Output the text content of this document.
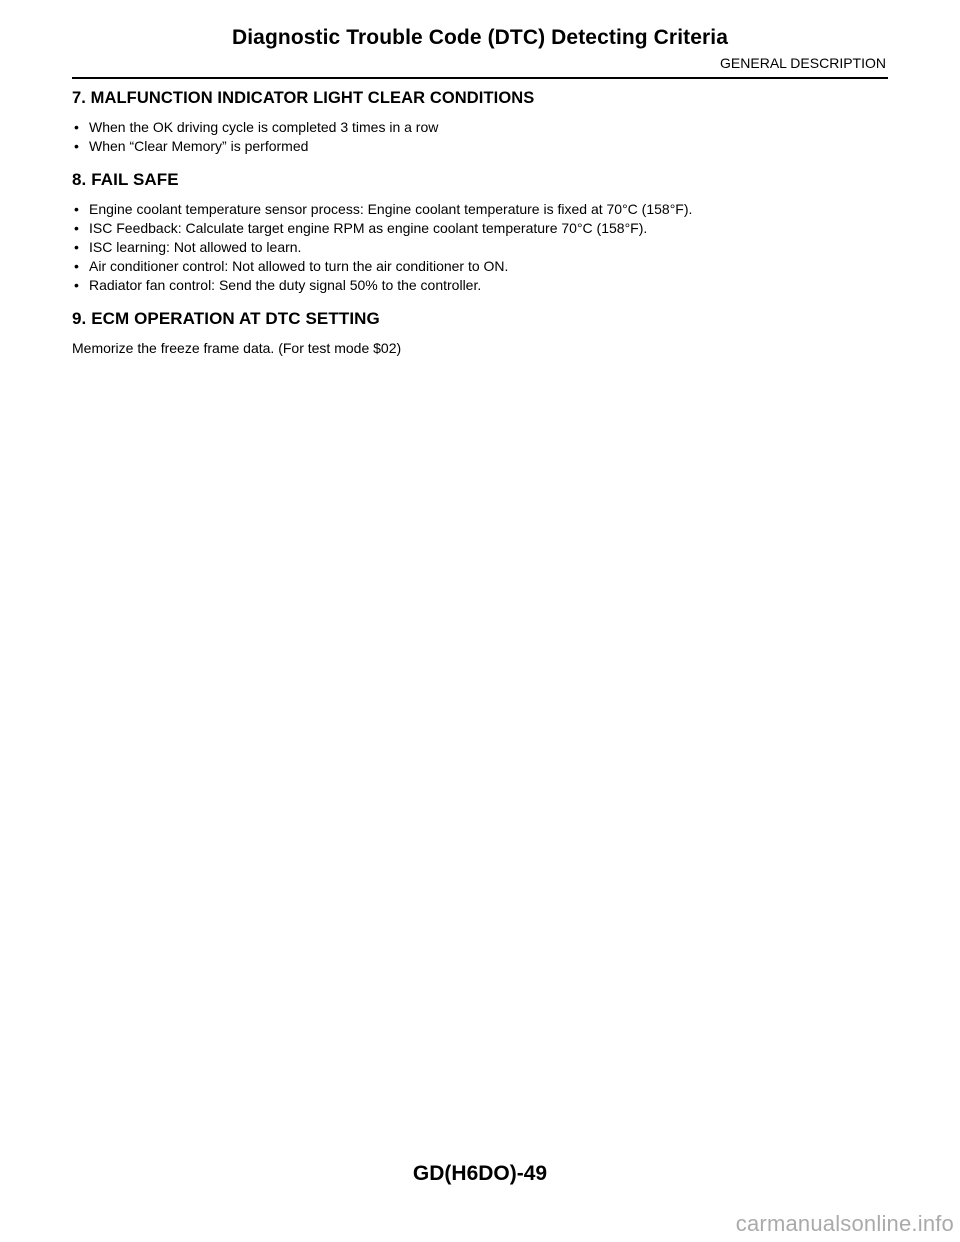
Diagnostic Trouble Code (DTC) Detecting Criteria
GENERAL DESCRIPTION
7. MALFUNCTION INDICATOR LIGHT CLEAR CONDITIONS
• When the OK driving cycle is completed 3 times in a row
• When “Clear Memory” is performed
8. FAIL SAFE
• Engine coolant temperature sensor process: Engine coolant temperature is fixed at 70°C (158°F).
• ISC Feedback: Calculate target engine RPM as engine coolant temperature 70°C (158°F).
• ISC learning: Not allowed to learn.
• Air conditioner control: Not allowed to turn the air conditioner to ON.
• Radiator fan control: Send the duty signal 50% to the controller.
9. ECM OPERATION AT DTC SETTING

Memorize the freeze frame data. (For test mode $02)

GD(H6DO)-49
carmanualsonline.info
